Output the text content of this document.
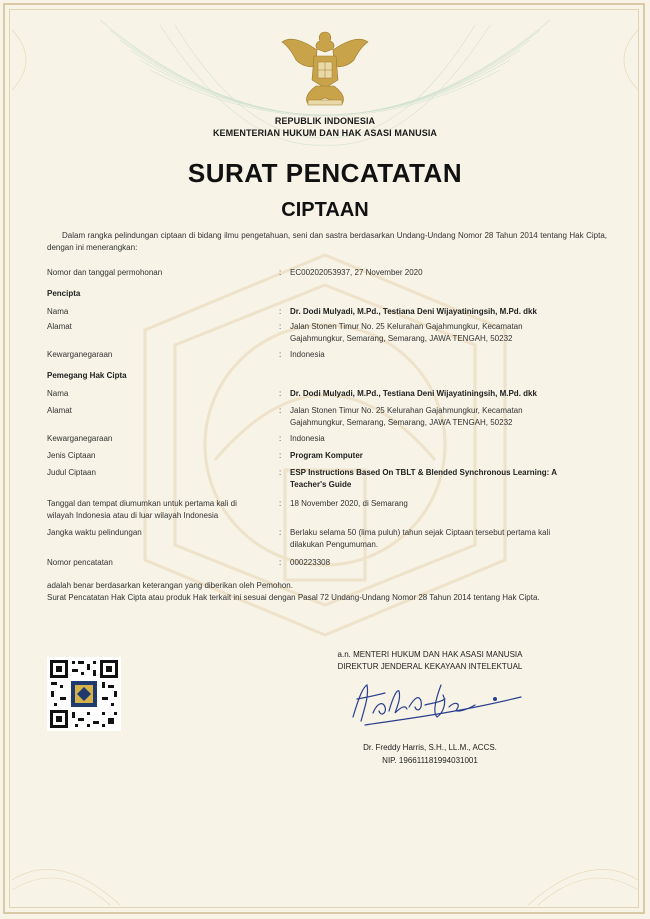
REPUBLIK INDONESIA
KEMENTERIAN HUKUM DAN HAK ASASI MANUSIA
SURAT PENCATATAN
CIPTAAN
Dalam rangka pelindungan ciptaan di bidang ilmu pengetahuan, seni dan sastra berdasarkan Undang-Undang Nomor 28 Tahun 2014 tentang Hak Cipta, dengan ini menerangkan:
Nomor dan tanggal permohonan	: EC00202053937, 27 November 2020
Pencipta
Nama	: Dr. Dodi Mulyadi, M.Pd., Testiana Deni Wijayatiningsih, M.Pd. dkk
Alamat	: Jalan Stonen Timur No. 25 Kelurahan Gajahmungkur, Kecamatan
Gajahmungkur, Semarang, Semarang, JAWA TENGAH, 50232
Kewarganegaraan	: Indonesia
Pemegang Hak Cipta
Nama	: Dr. Dodi Mulyadi, M.Pd., Testiana Deni Wijayatiningsih, M.Pd. dkk
Alamat	: Jalan Stonen Timur No. 25 Kelurahan Gajahmungkur, Kecamatan
Gajahmungkur, Semarang, Semarang, JAWA TENGAH, 50232
Kewarganegaraan	: Indonesia
Jenis Ciptaan	: Program Komputer
Judul Ciptaan	: ESP Instructions Based On TBLT & Blended Synchronous Learning: A
Teacher's Guide
Tanggal dan tempat diumumkan untuk pertama kali di	: 18 November 2020, di Semarang
wilayah Indonesia atau di luar wilayah Indonesia
Jangka waktu pelindungan	: Berlaku selama 50 (lima puluh) tahun sejak Ciptaan tersebut pertama kali
dilakukan Pengumuman.
Nomor pencatatan	: 000223308
adalah benar berdasarkan keterangan yang diberikan oleh Pemohon.
Surat Pencatatan Hak Cipta atau produk Hak terkait ini sesuai dengan Pasal 72 Undang-Undang Nomor 28 Tahun 2014 tentang Hak Cipta.
a.n. MENTERI HUKUM DAN HAK ASASI MANUSIA
DIREKTUR JENDERAL KEKAYAAN INTELEKTUAL
Dr. Freddy Harris, S.H., LL.M., ACCS.
NIP. 196611181994031001
